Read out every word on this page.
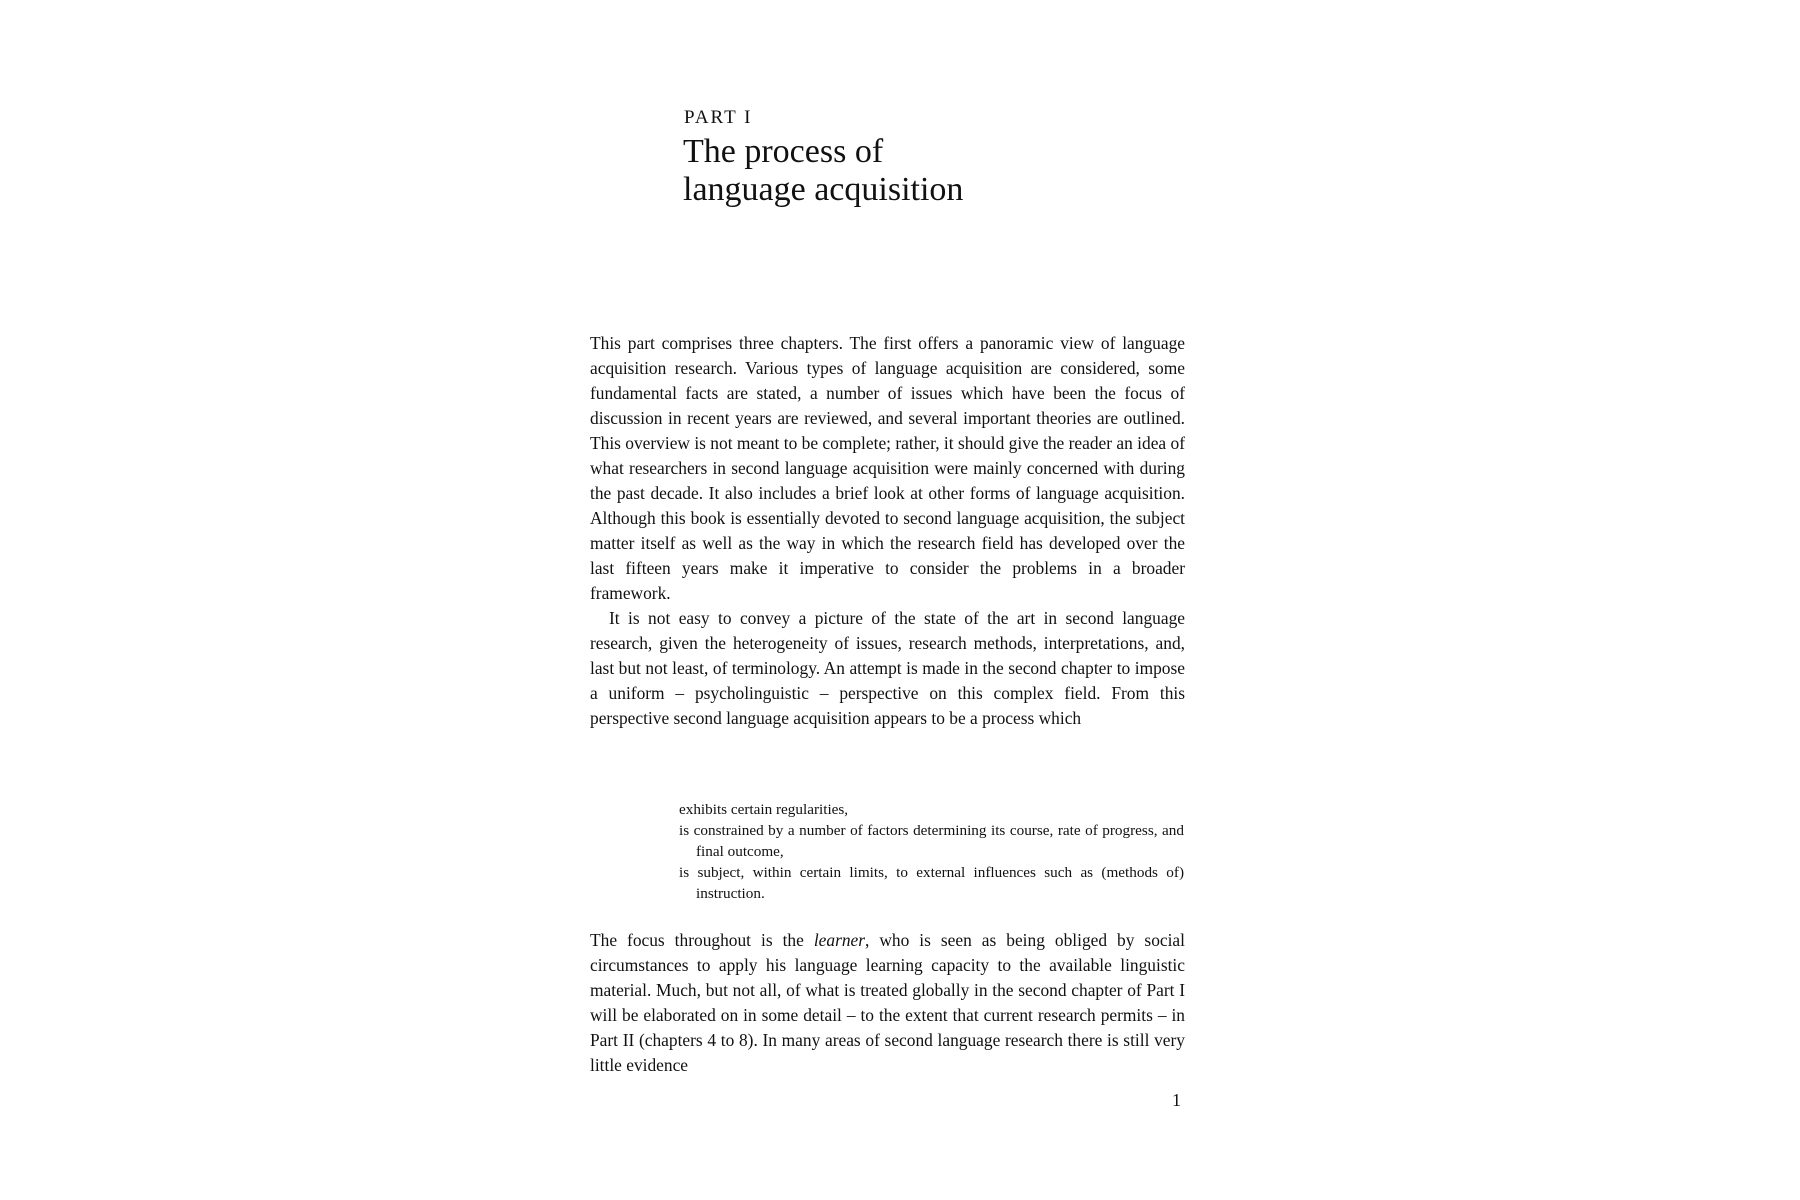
PART I
The process of
language acquisition

This part comprises three chapters. The first offers a panoramic view of language acquisition research. Various types of language acquisition are considered, some fundamental facts are stated, a number of issues which have been the focus of discussion in recent years are reviewed, and several important theories are outlined. This overview is not meant to be complete; rather, it should give the reader an idea of what researchers in second language acquisition were mainly concerned with during the past decade. It also includes a brief look at other forms of language acquisition. Although this book is essentially devoted to second language acquisition, the subject matter itself as well as the way in which the research field has developed over the last fifteen years make it imperative to consider the problems in a broader framework.

It is not easy to convey a picture of the state of the art in second language research, given the heterogeneity of issues, research methods, interpretations, and, last but not least, of terminology. An attempt is made in the second chapter to impose a uniform – psycholinguistic – perspective on this complex field. From this perspective second language acquisition appears to be a process which

exhibits certain regularities,
is constrained by a number of factors determining its course, rate of progress, and final outcome,
is subject, within certain limits, to external influences such as (methods of) instruction.

The focus throughout is the learner, who is seen as being obliged by social circumstances to apply his language learning capacity to the available linguistic material. Much, but not all, of what is treated globally in the second chapter of Part I will be elaborated on in some detail – to the extent that current research permits – in Part II (chapters 4 to 8). In many areas of second language research there is still very little evidence

1
